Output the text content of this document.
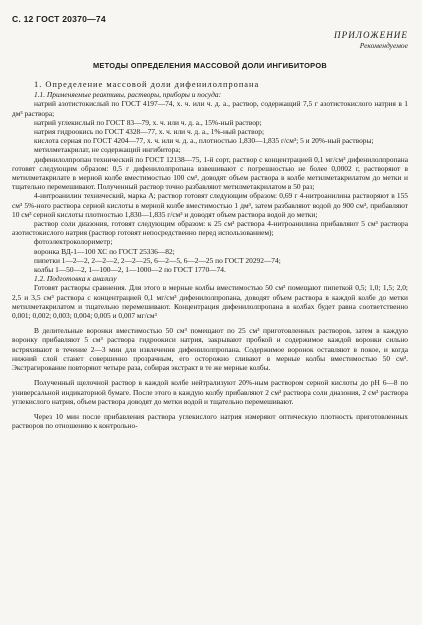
С. 12 ГОСТ 20370—74
ПРИЛОЖЕНИЕ
Рекомендуемое
МЕТОДЫ ОПРЕДЕЛЕНИЯ МАССОВОЙ ДОЛИ ИНГИБИТОРОВ

1. Определение массовой доли дифенилолпропана

1.1. Применяемые реактивы, растворы, приборы и посуда:

натрий азотистокислый по ГОСТ 4197—74, х. ч. или ч. д. а., раствор, содержащий 7,5 г азотистокислого натрия в 1 дм³ раствора;

натрий углекислый по ГОСТ 83—79, х. ч. или ч. д. а., 15%-ный раствор;

натрия гидроокись по ГОСТ 4328—77, х. ч. или ч. д. а., 1%-ный раствор;

кислота серная по ГОСТ 4204—77, х. ч. или ч. д. а., плотностью 1,830—1,835 г/см³; 5 и 20%-ный растворы;

метилметакрилат, не содержащий ингибитора;

дифенилолпропан технический по ГОСТ 12138—75, 1-й сорт, раствор с концентрацией 0,1 мг/см³ дифенилолпропана готовят следующим образом: 0,5 г дифенилолпропана взвешивают с погрешностью не более 0,0002 г, растворяют в метилметакрилате в мерной колбе вместимостью 100 см³, доводят объем раствора в колбе метилметакрилатом до метки и тщательно перемешивают. Полученный раствор точно разбавляют метилметакрилатом в 50 раз;

4-нитроанилин технический, марка А; раствор готовят следующим образом: 0,69 г 4-нитроанилина растворяют в 155 см³ 5%-ного раствора серной кислоты в мерной колбе вместимостью 1 дм³, затем разбавляют водой до 900 см³, прибавляют 10 см³ серной кислоты плотностью 1,830—1,835 г/см³ и доводят объем раствора водой до метки;

раствор соли диазония, готовят следующим образом: к 25 см³ раствора 4-нитроанилина прибавляют 5 см³ раствора азотистокислого натрия (раствор готовят непосредственно перед использованием);

фотоэлектроколориметр;

воронка ВД-1—100 ХС по ГОСТ 25336—82;

пипетки 1—2—2, 2—2—2, 2—2—25, 6—2—5, 6—2—25 по ГОСТ 20292—74;

колбы 1—50—2, 1—100—2, 1—1000—2 по ГОСТ 1770—74.

1.2. Подготовка к анализу

Готовят растворы сравнения. Для этого в мерные колбы вместимостью 50 см³ помещают пипеткой 0,5; 1,0; 1,5; 2,0; 2,5 и 3,5 см³ раствора с концентрацией 0,1 мг/см³ дифенилолпропана, доводят объем раствора в каждой колбе до метки метилметакрилатом и тщательно перемешивают. Концентрация дифенилолпропана в колбах будет равна соответственно 0,001; 0,002; 0,003; 0,004; 0,005 и 0,007 мг/см³

В делительные воронки вместимостью 50 см³ помещают по 25 см³ приготовленных растворов, затем в каждую воронку прибавляют 5 см³ раствора гидроокиси натрия, закрывают пробкой и содержимое каждой воронки сильно встряхивают в течение 2—3 мин для извлечения дифенилолпропана. Содержимое воронок оставляют в покое, и когда нижний слой станет совершенно прозрачным, его осторожно сливают в мерные колбы вместимостью 50 см³. Экстрагирование повторяют четыре раза, собирая экстракт в те же мерные колбы.

Полученный щелочной раствор в каждой колбе нейтрализуют 20%-ным раствором серной кислоты до pH 6—8 по универсальной индикаторной бумаге. После этого в каждую колбу прибавляют 2 см³ раствора соли диазония, 2 см³ раствора углекислого натрия, объем раствора доводят до метки водой и тщательно перемешивают.

Через 10 мин после прибавления раствора углекислого натрия измеряют оптическую плотность приготовленных растворов по отношению к контрольно-
